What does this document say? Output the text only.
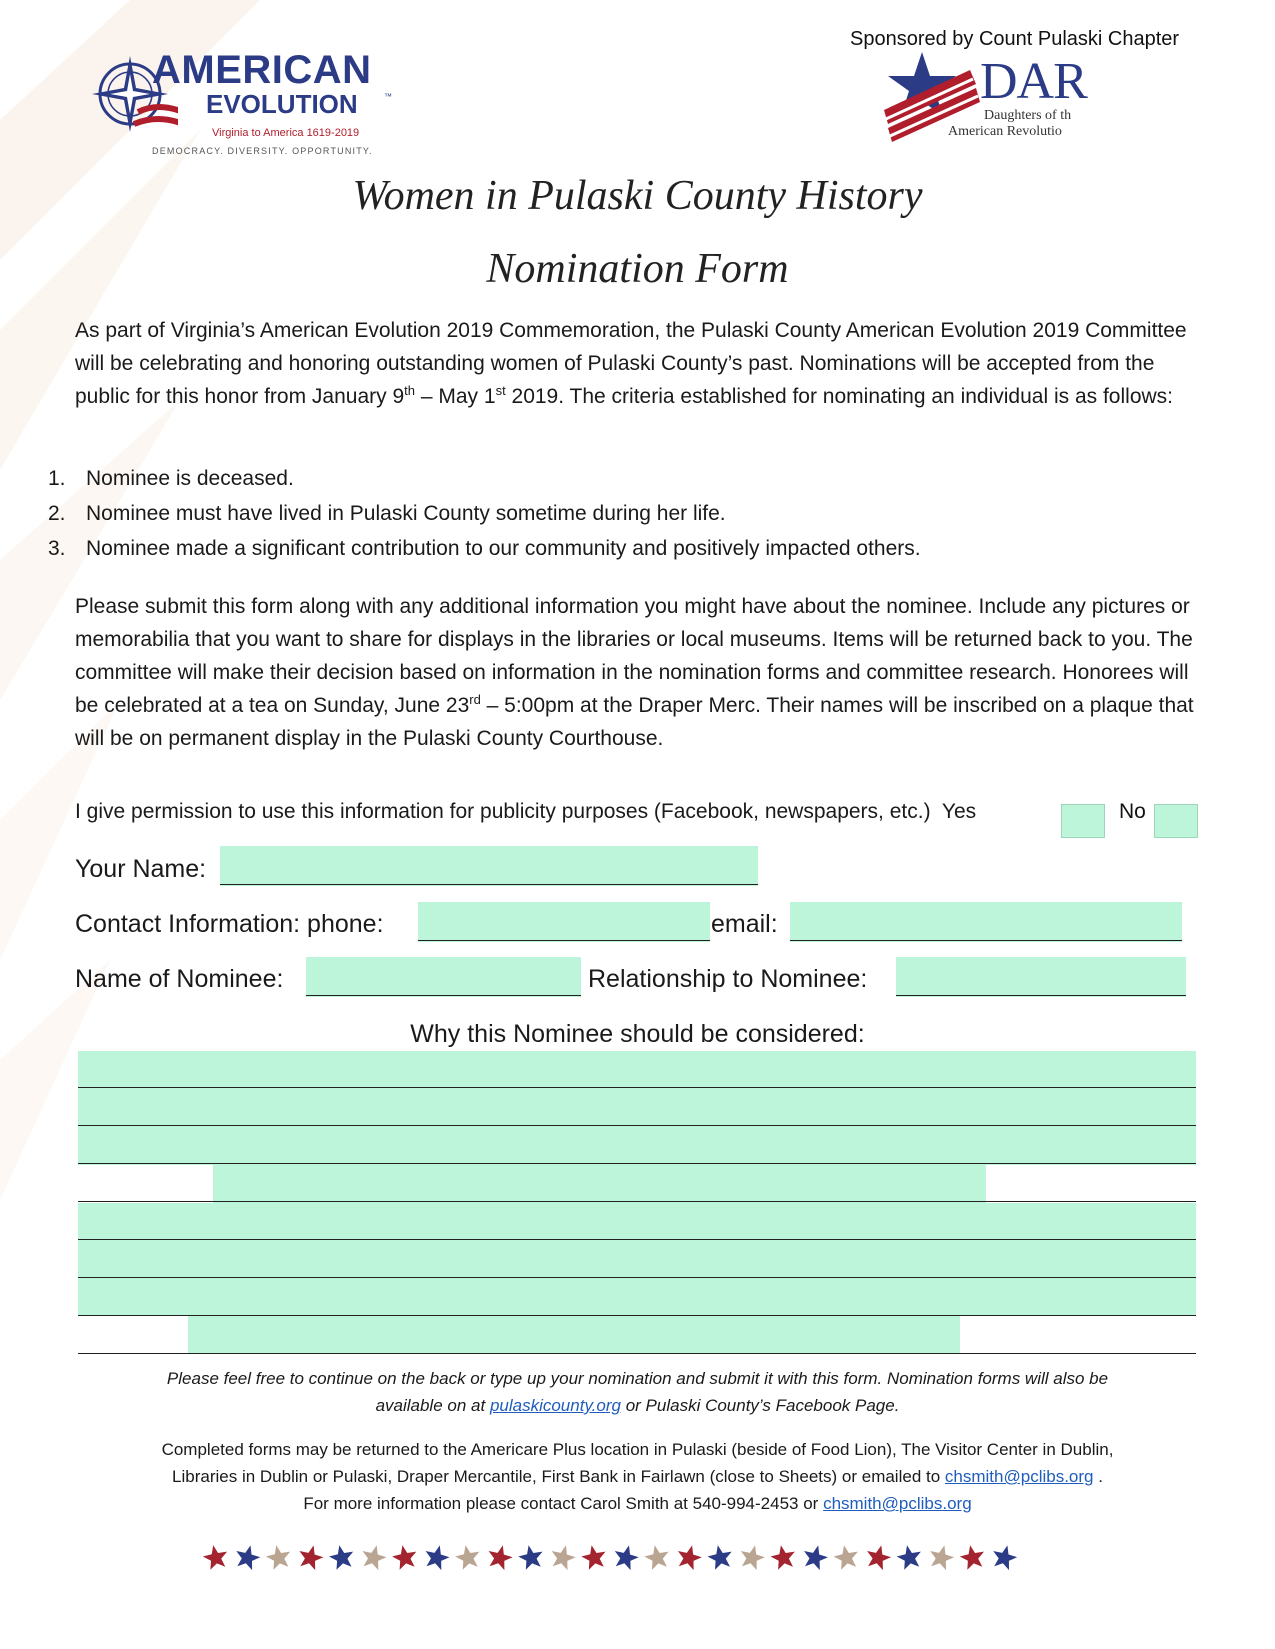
AMERICAN
EVOLUTION	™
Virginia to America 1619-2019
DEMOCRACY. DIVERSITY. OPPORTUNITY.
Sponsored by Count Pulaski Chapter
DAR
Daughters of th
American Revolutio
Women in Pulaski County History
Nomination Form
As part of Virginia’s American Evolution 2019 Commemoration, the Pulaski County American Evolution 2019 Committee will be celebrating and honoring outstanding women of Pulaski County’s past. Nominations will be accepted from the public for this honor from January 9th – May 1st 2019. The criteria established for nominating an individual is as follows:
1. Nominee is deceased.
2. Nominee must have lived in Pulaski County sometime during her life.
3. Nominee made a significant contribution to our community and positively impacted others.
Please submit this form along with any additional information you might have about the nominee. Include any pictures or memorabilia that you want to share for displays in the libraries or local museums. Items will be returned back to you. The committee will make their decision based on information in the nomination forms and committee research. Honorees will be celebrated at a tea on Sunday, June 23rd – 5:00pm at the Draper Merc. Their names will be inscribed on a plaque that will be on permanent display in the Pulaski County Courthouse.
I give permission to use this information for publicity purposes (Facebook, newspapers, etc.) Yes	No
Your Name:
Contact Information: phone:	email:
Name of Nominee:	Relationship to Nominee:
Why this Nominee should be considered:
Please feel free to continue on the back or type up your nomination and submit it with this form. Nomination forms will also be
available on at pulaskicounty.org or Pulaski County’s Facebook Page.
Completed forms may be returned to the Americare Plus location in Pulaski (beside of Food Lion), The Visitor Center in Dublin,
Libraries in Dublin or Pulaski, Draper Mercantile, First Bank in Fairlawn (close to Sheets) or emailed to chsmith@pclibs.org .
For more information please contact Carol Smith at 540-994-2453 or chsmith@pclibs.org
